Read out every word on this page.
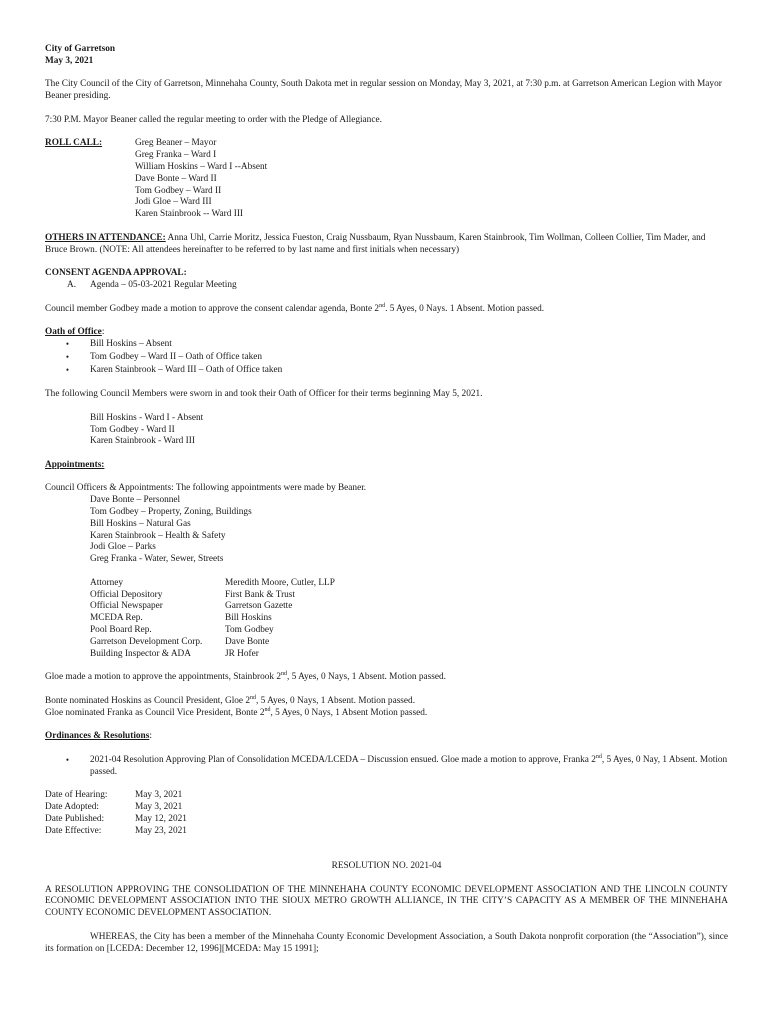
City of Garretson

May 3, 2021

The City Council of the City of Garretson, Minnehaha County, South Dakota met in regular session on Monday, May 3, 2021, at 7:30 p.m. at Garretson American Legion with Mayor Beaner presiding.

7:30 P.M. Mayor Beaner called the regular meeting to order with the Pledge of Allegiance.

ROLL CALL:	Greg Beaner – Mayor
Greg Franka – Ward I
William Hoskins – Ward I --Absent
Dave Bonte – Ward II
Tom Godbey – Ward II
Jodi Gloe – Ward III
Karen Stainbrook -- Ward III

OTHERS IN ATTENDANCE: Anna Uhl, Carrie Moritz, Jessica Fueston, Craig Nussbaum, Ryan Nussbaum, Karen Stainbrook, Tim Wollman, Colleen Collier, Tim Mader, and Bruce Brown. (NOTE: All attendees hereinafter to be referred to by last name and first initials when necessary)

CONSENT AGENDA APPROVAL:

A.	Agenda – 05-03-2021 Regular Meeting

Council member Godbey made a motion to approve the consent calendar agenda, Bonte 2nd. 5 Ayes, 0 Nays. 1 Absent. Motion passed.

Oath of Office:

•
Bill Hoskins – Absent
•
Tom Godbey – Ward II – Oath of Office taken
•
Karen Stainbrook – Ward III – Oath of Office taken

The following Council Members were sworn in and took their Oath of Officer for their terms beginning May 5, 2021.

Bill Hoskins - Ward I - Absent
Tom Godbey - Ward II
Karen Stainbrook - Ward III

Appointments:

Council Officers & Appointments: The following appointments were made by Beaner.

Dave Bonte – Personnel
Tom Godbey – Property, Zoning, Buildings
Bill Hoskins – Natural Gas
Karen Stainbrook – Health & Safety
Jodi Gloe – Parks
Greg Franka - Water, Sewer, Streets
Attorney	Meredith Moore, Cutler, LLP
Official Depository	First Bank & Trust
Official Newspaper	Garretson Gazette
MCEDA Rep.	Bill Hoskins
Pool Board Rep.	Tom Godbey
Garretson Development Corp.	Dave Bonte
Building Inspector & ADA	JR Hofer

Gloe made a motion to approve the appointments, Stainbrook 2nd, 5 Ayes, 0 Nays, 1 Absent. Motion passed.

Bonte nominated Hoskins as Council President, Gloe 2nd, 5 Ayes, 0 Nays, 1 Absent. Motion passed.

Gloe nominated Franka as Council Vice President, Bonte 2nd, 5 Ayes, 0 Nays, 1 Absent Motion passed.

Ordinances & Resolutions:

•
2021-04 Resolution Approving Plan of Consolidation MCEDA/LCEDA – Discussion ensued. Gloe made a motion to approve, Franka 2nd, 5 Ayes, 0 Nay, 1 Absent. Motion passed.
Date of Hearing:	May 3, 2021
Date Adopted:	May 3, 2021
Date Published:	May 12, 2021
Date Effective:	May 23, 2021

RESOLUTION NO. 2021-04

A RESOLUTION APPROVING THE CONSOLIDATION OF THE MINNEHAHA COUNTY ECONOMIC DEVELOPMENT ASSOCIATION AND THE LINCOLN COUNTY ECONOMIC DEVELOPMENT ASSOCIATION INTO THE SIOUX METRO GROWTH ALLIANCE, IN THE CITY’S CAPACITY AS A MEMBER OF THE MINNEHAHA COUNTY ECONOMIC DEVELOPMENT ASSOCIATION.

WHEREAS, the City has been a member of the Minnehaha County Economic Development Association, a South Dakota nonprofit corporation (the “Association”), since its formation on [LCEDA: December 12, 1996][MCEDA: May 15 1991];
